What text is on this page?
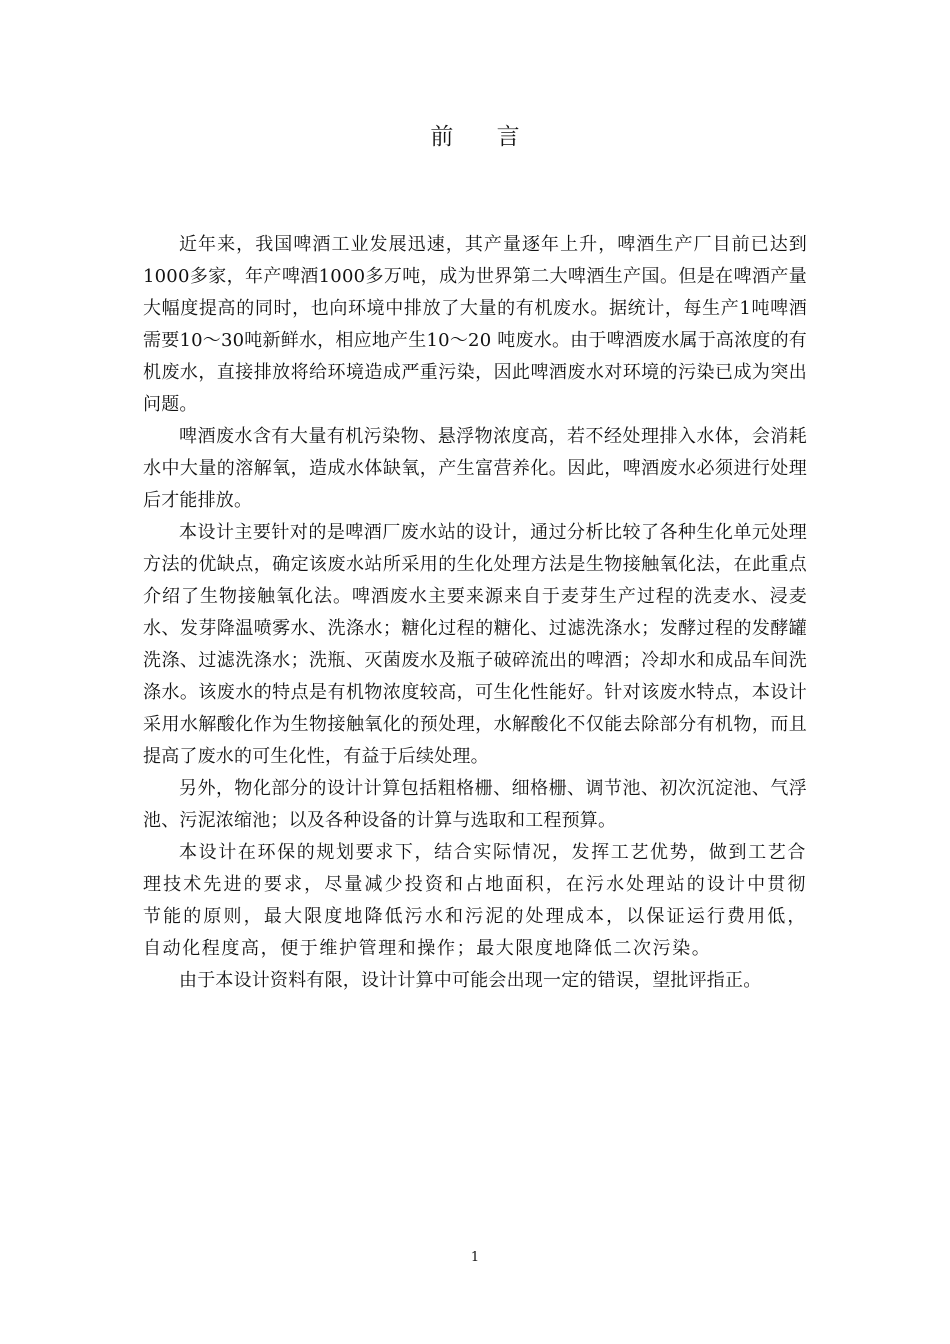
前 言

近年来，我国啤酒工业发展迅速，其产量逐年上升，啤酒生产厂目前已达到1000多家，年产啤酒1000多万吨，成为世界第二大啤酒生产国。但是在啤酒产量大幅度提高的同时，也向环境中排放了大量的有机废水。据统计，每生产1吨啤酒需要10～30吨新鲜水，相应地产生10～20 吨废水。由于啤酒废水属于高浓度的有机废水，直接排放将给环境造成严重污染，因此啤酒废水对环境的污染已成为突出问题。

啤酒废水含有大量有机污染物、悬浮物浓度高，若不经处理排入水体，会消耗水中大量的溶解氧，造成水体缺氧，产生富营养化。因此，啤酒废水必须进行处理后才能排放。

本设计主要针对的是啤酒厂废水站的设计，通过分析比较了各种生化单元处理方法的优缺点，确定该废水站所采用的生化处理方法是生物接触氧化法，在此重点介绍了生物接触氧化法。啤酒废水主要来源来自于麦芽生产过程的洗麦水、浸麦水、发芽降温喷雾水、洗涤水；糖化过程的糖化、过滤洗涤水；发酵过程的发酵罐洗涤、过滤洗涤水；洗瓶、灭菌废水及瓶子破碎流出的啤酒；冷却水和成品车间洗涤水。该废水的特点是有机物浓度较高，可生化性能好。针对该废水特点，本设计采用水解酸化作为生物接触氧化的预处理，水解酸化不仅能去除部分有机物，而且提高了废水的可生化性，有益于后续处理。

另外，物化部分的设计计算包括粗格栅、细格栅、调节池、初次沉淀池、气浮池、污泥浓缩池；以及各种设备的计算与选取和工程预算。

本设计在环保的规划要求下，结合实际情况，发挥工艺优势，做到工艺合理技术先进的要求，尽量减少投资和占地面积，在污水处理站的设计中贯彻节能的原则，最大限度地降低污水和污泥的处理成本，以保证运行费用低，自动化程度高，便于维护管理和操作；最大限度地降低二次污染。

由于本设计资料有限，设计计算中可能会出现一定的错误，望批评指正。

1
